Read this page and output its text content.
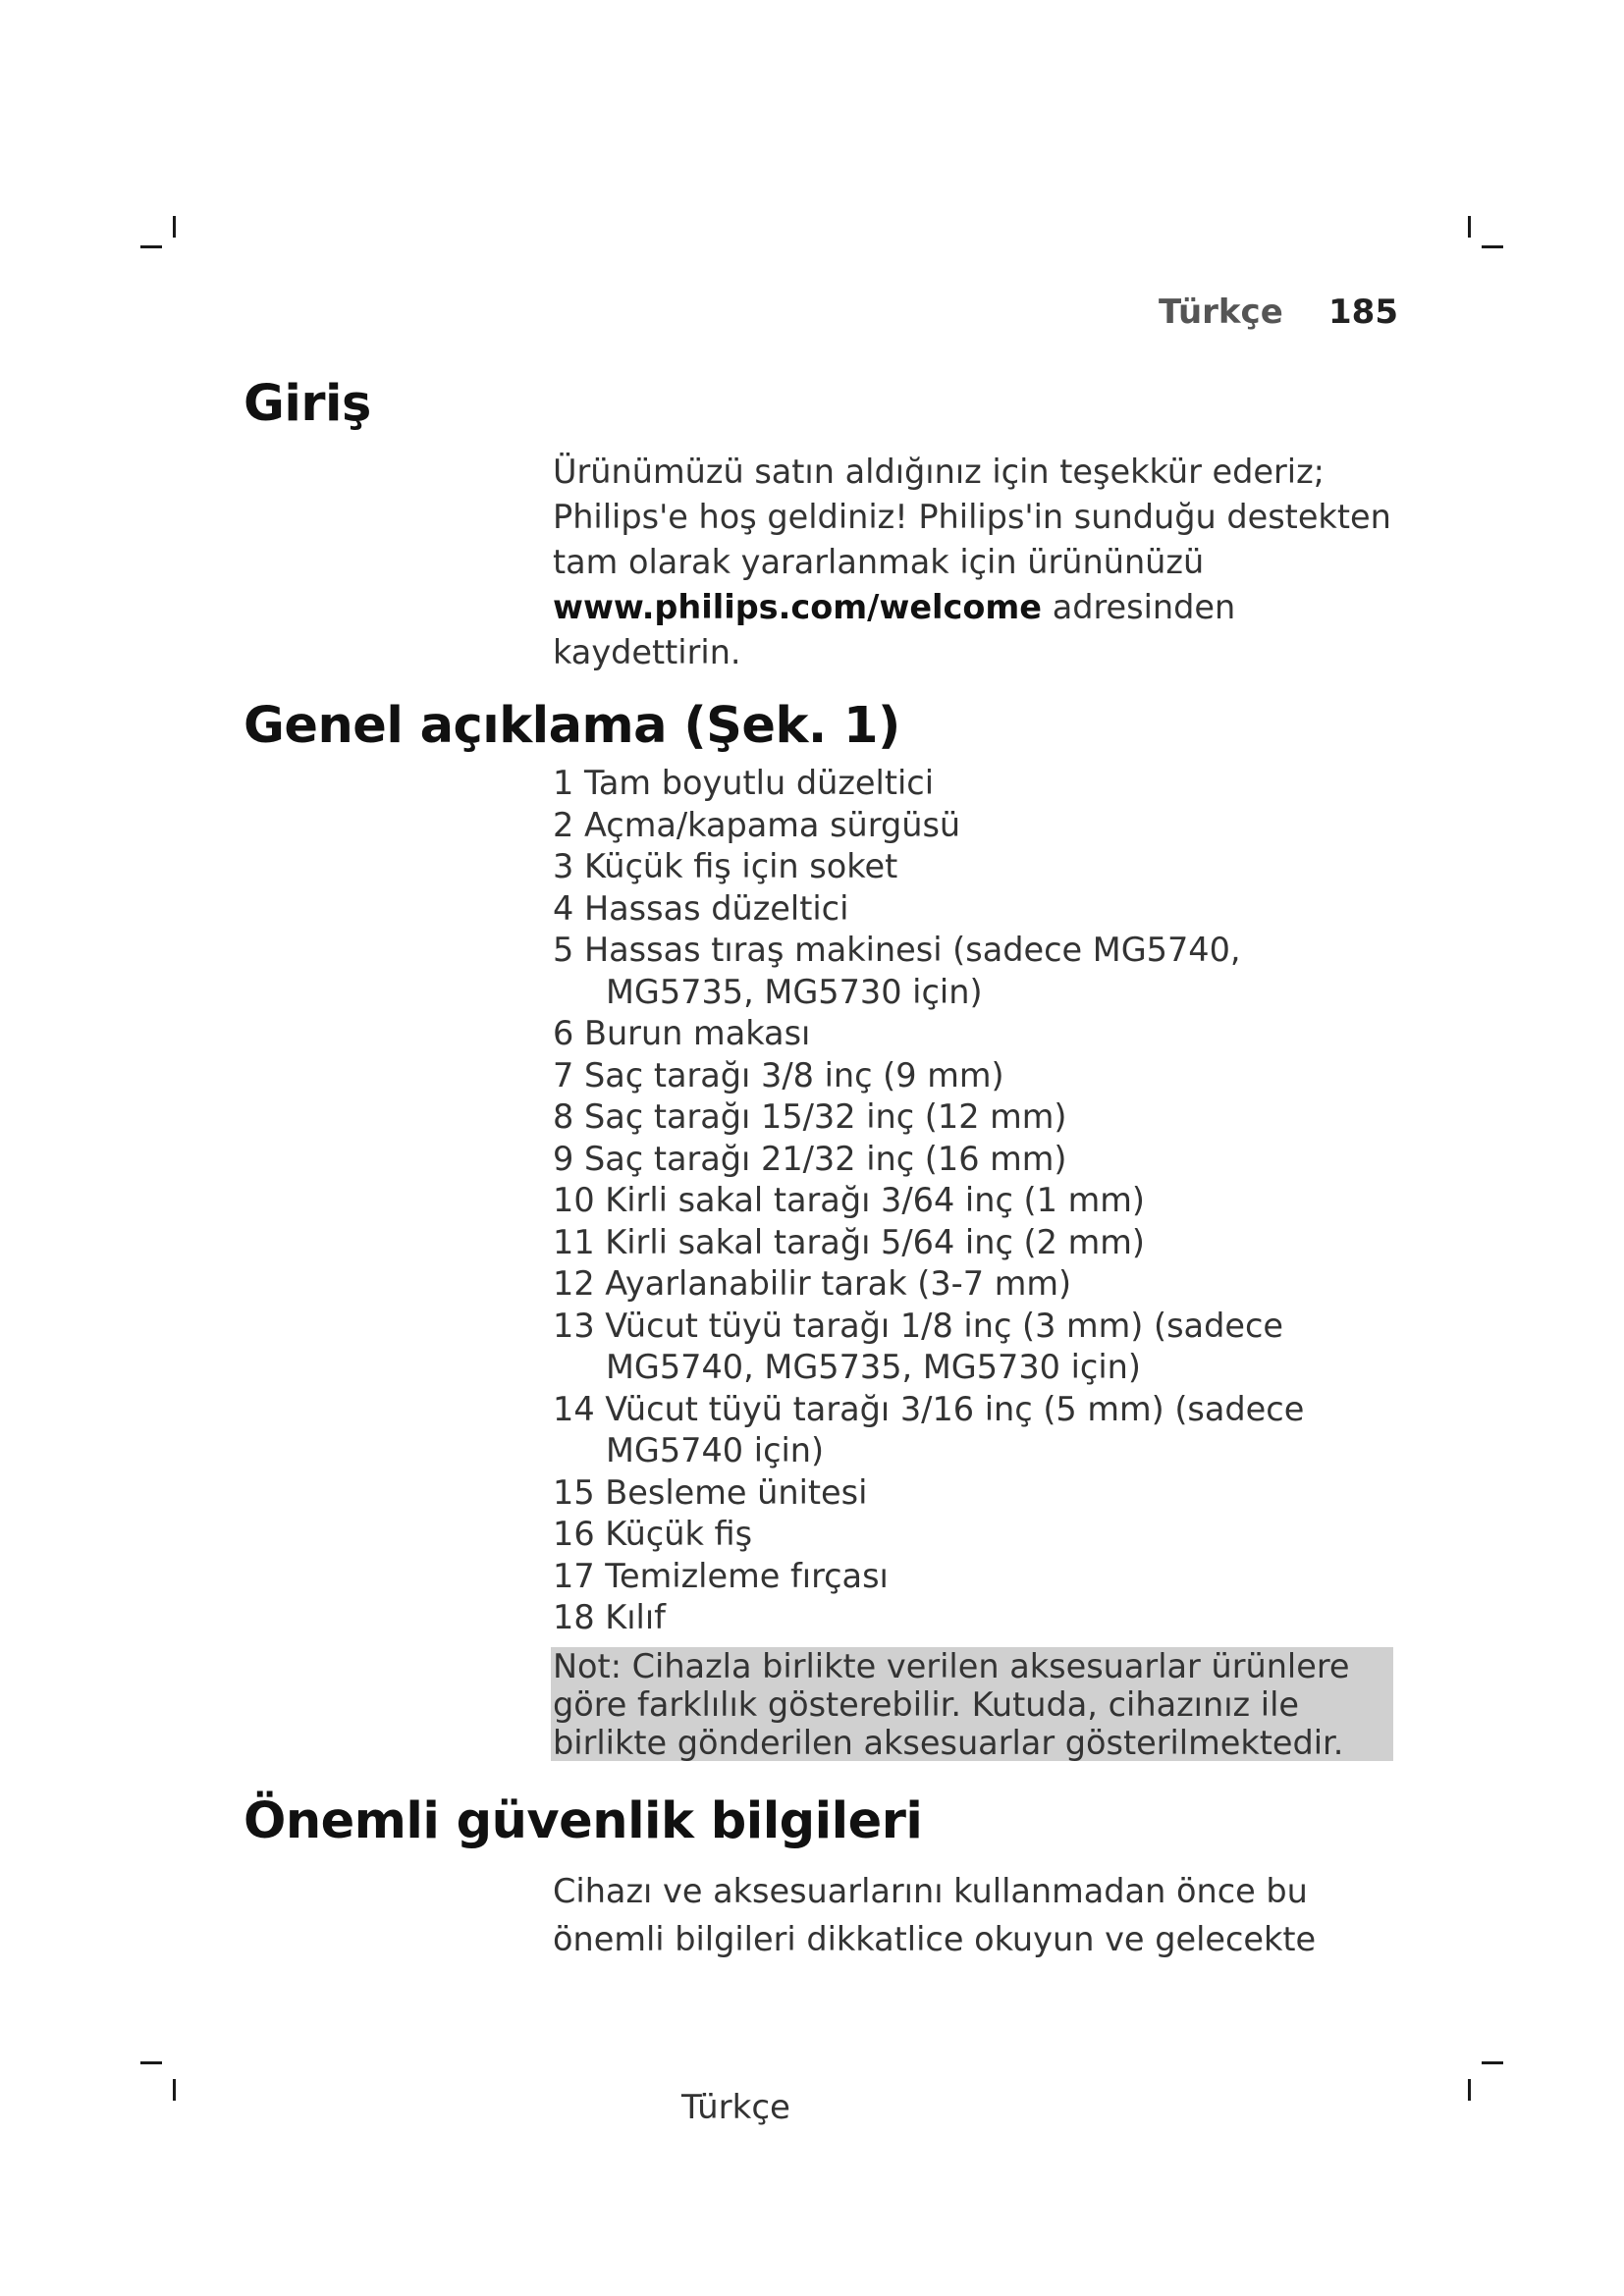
Türkçe 185
Giriş

Ürünümüzü satın aldığınız için teşekkür ederiz; Philips'e hoş geldiniz! Philips'in sunduğu destekten tam olarak yararlanmak için ürününüzü www.philips.com/welcome adresinden kaydettirin.

Genel açıklama (Şek. 1)
1 Tam boyutlu düzeltici
2 Açma/kapama sürgüsü
3 Küçük fiş için soket
4 Hassas düzeltici
5 Hassas tıraş makinesi (sadece MG5740,
MG5735, MG5730 için)
6 Burun makası
7 Saç tarağı 3/8 inç (9 mm)
8 Saç tarağı 15/32 inç (12 mm)
9 Saç tarağı 21/32 inç (16 mm)
10 Kirli sakal tarağı 3/64 inç (1 mm)
11 Kirli sakal tarağı 5/64 inç (2 mm)
12 Ayarlanabilir tarak (3-7 mm)
13 Vücut tüyü tarağı 1/8 inç (3 mm) (sadece
MG5740, MG5735, MG5730 için)
14 Vücut tüyü tarağı 3/16 inç (5 mm) (sadece
MG5740 için)
15 Besleme ünitesi
16 Küçük fiş
17 Temizleme fırçası
18 Kılıf
Not: Cihazla birlikte verilen aksesuarlar ürünlere göre farklılık gösterebilir. Kutuda, cihazınız ile birlikte gönderilen aksesuarlar gösterilmektedir.
Önemli güvenlik bilgileri

Cihazı ve aksesuarlarını kullanmadan önce bu önemli bilgileri dikkatlice okuyun ve gelecekte

Türkçe
